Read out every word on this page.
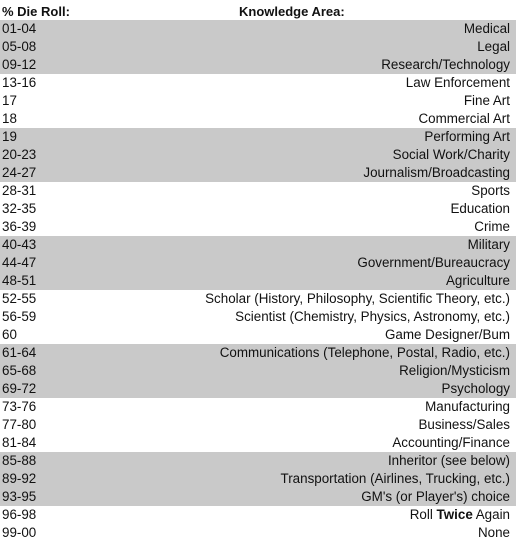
% Die Roll:	Knowledge Area:
01-04	Medical
05-08	Legal
09-12	Research/Technology
13-16	Law Enforcement
17	Fine Art
18	Commercial Art
19	Performing Art
20-23	Social Work/Charity
24-27	Journalism/Broadcasting
28-31	Sports
32-35	Education
36-39	Crime
40-43	Military
44-47	Government/Bureaucracy
48-51	Agriculture
52-55	Scholar (History, Philosophy, Scientific Theory, etc.)
56-59	Scientist (Chemistry, Physics, Astronomy, etc.)
60	Game Designer/Bum
61-64	Communications (Telephone, Postal, Radio, etc.)
65-68	Religion/Mysticism
69-72	Psychology
73-76	Manufacturing
77-80	Business/Sales
81-84	Accounting/Finance
85-88	Inheritor (see below)
89-92	Transportation (Airlines, Trucking, etc.)
93-95	GM's (or Player's) choice
96-98	Roll Twice Again
99-00	None
